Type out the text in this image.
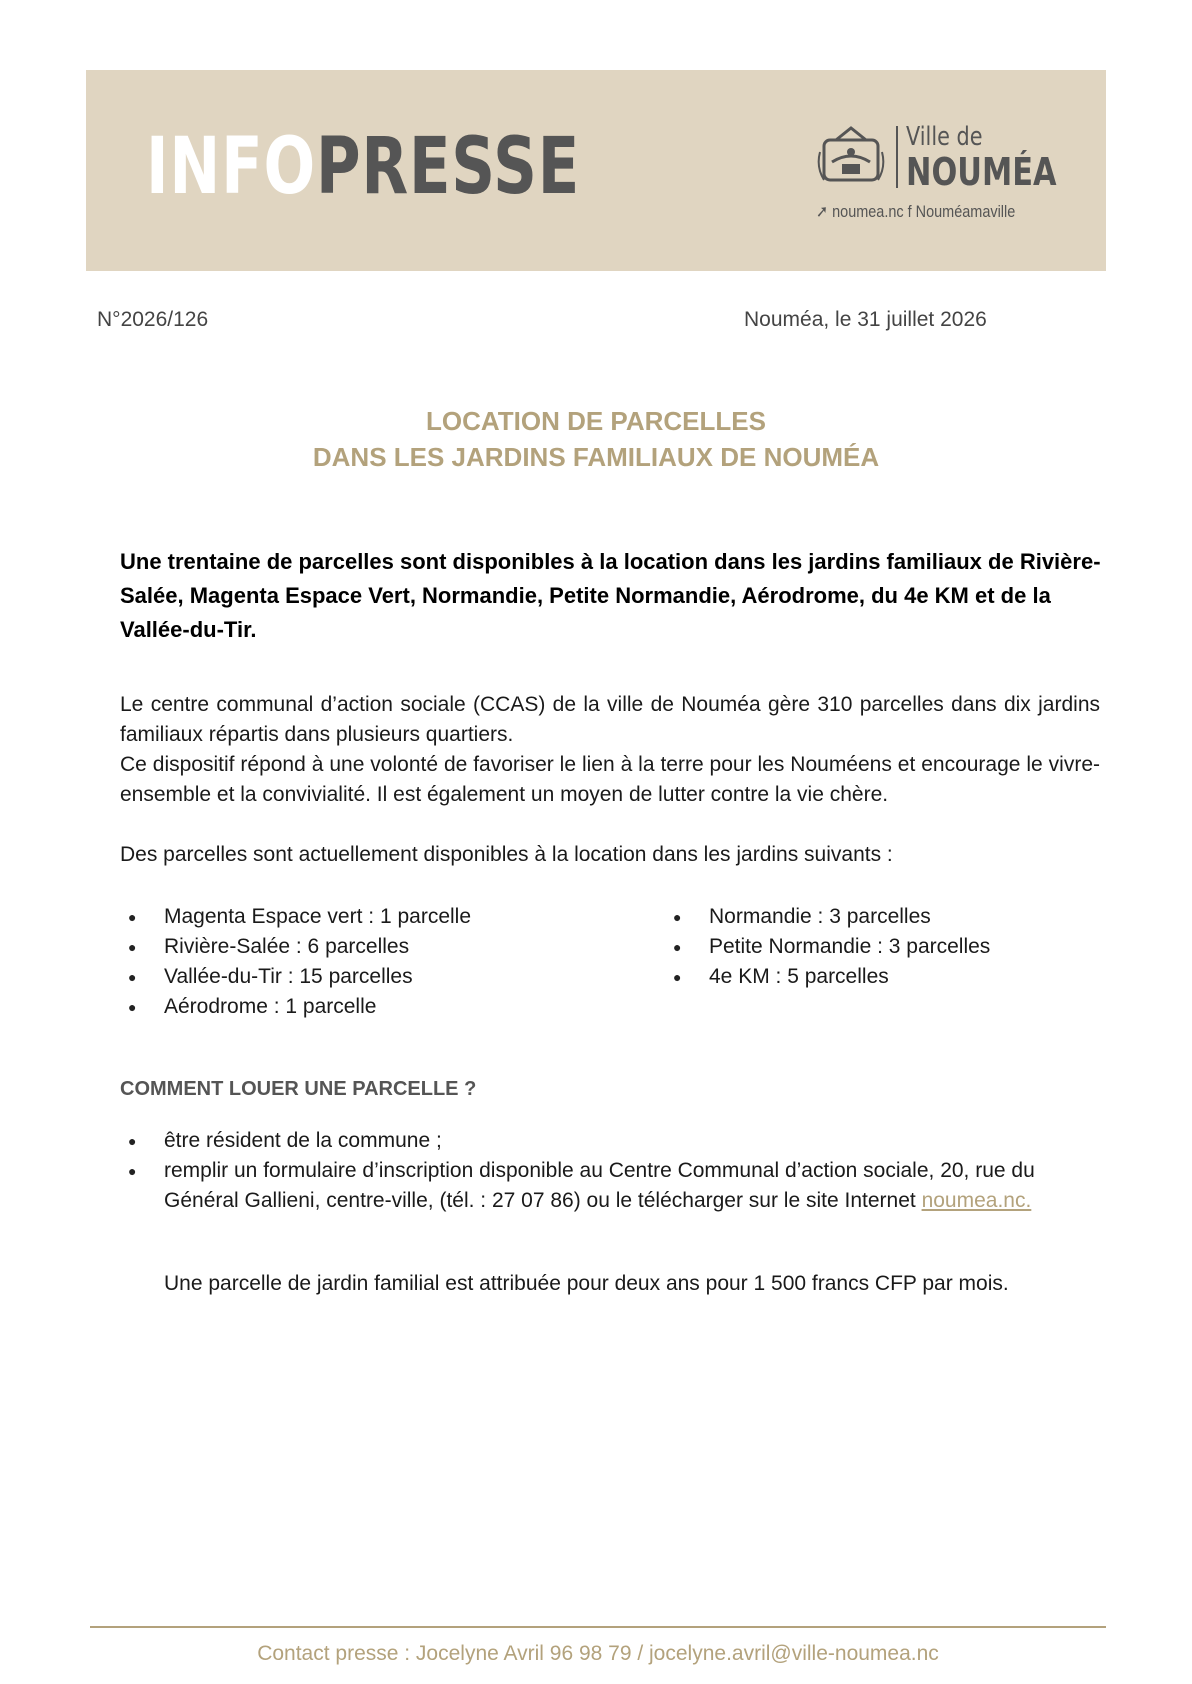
INFOPRESSE	Ville de
NOUMÉA
➚ noumea.nc f Nouméamaville
N°2026/126	Nouméa, le 31 juillet 2026
LOCATION DE PARCELLES
DANS LES JARDINS FAMILIAUX DE NOUMÉA
Une trentaine de parcelles sont disponibles à la location dans les jardins familiaux de Rivière-Salée, Magenta Espace Vert, Normandie, Petite Normandie, Aérodrome, du 4e KM et de la Vallée-du-Tir.
Le centre communal d’action sociale (CCAS) de la ville de Nouméa gère 310 parcelles dans dix jardins familiaux répartis dans plusieurs quartiers.
Ce dispositif répond à une volonté de favoriser le lien à la terre pour les Nouméens et encourage le vivre-ensemble et la convivialité. Il est également un moyen de lutter contre la vie chère.
Des parcelles sont actuellement disponibles à la location dans les jardins suivants :
● Magenta Espace vert : 1 parcelle
● Rivière-Salée : 6 parcelles
● Vallée-du-Tir : 15 parcelles
● Aérodrome : 1 parcelle
● Normandie : 3 parcelles
● Petite Normandie : 3 parcelles
● 4e KM : 5 parcelles
COMMENT LOUER UNE PARCELLE ?
● être résident de la commune ;
● remplir un formulaire d’inscription disponible au Centre Communal d’action sociale, 20, rue du Général Gallieni, centre-ville, (tél. : 27 07 86) ou le télécharger sur le site Internet noumea.nc.
Une parcelle de jardin familial est attribuée pour deux ans pour 1 500 francs CFP par mois.
Contact presse : Jocelyne Avril 96 98 79 / jocelyne.avril@ville-noumea.nc
